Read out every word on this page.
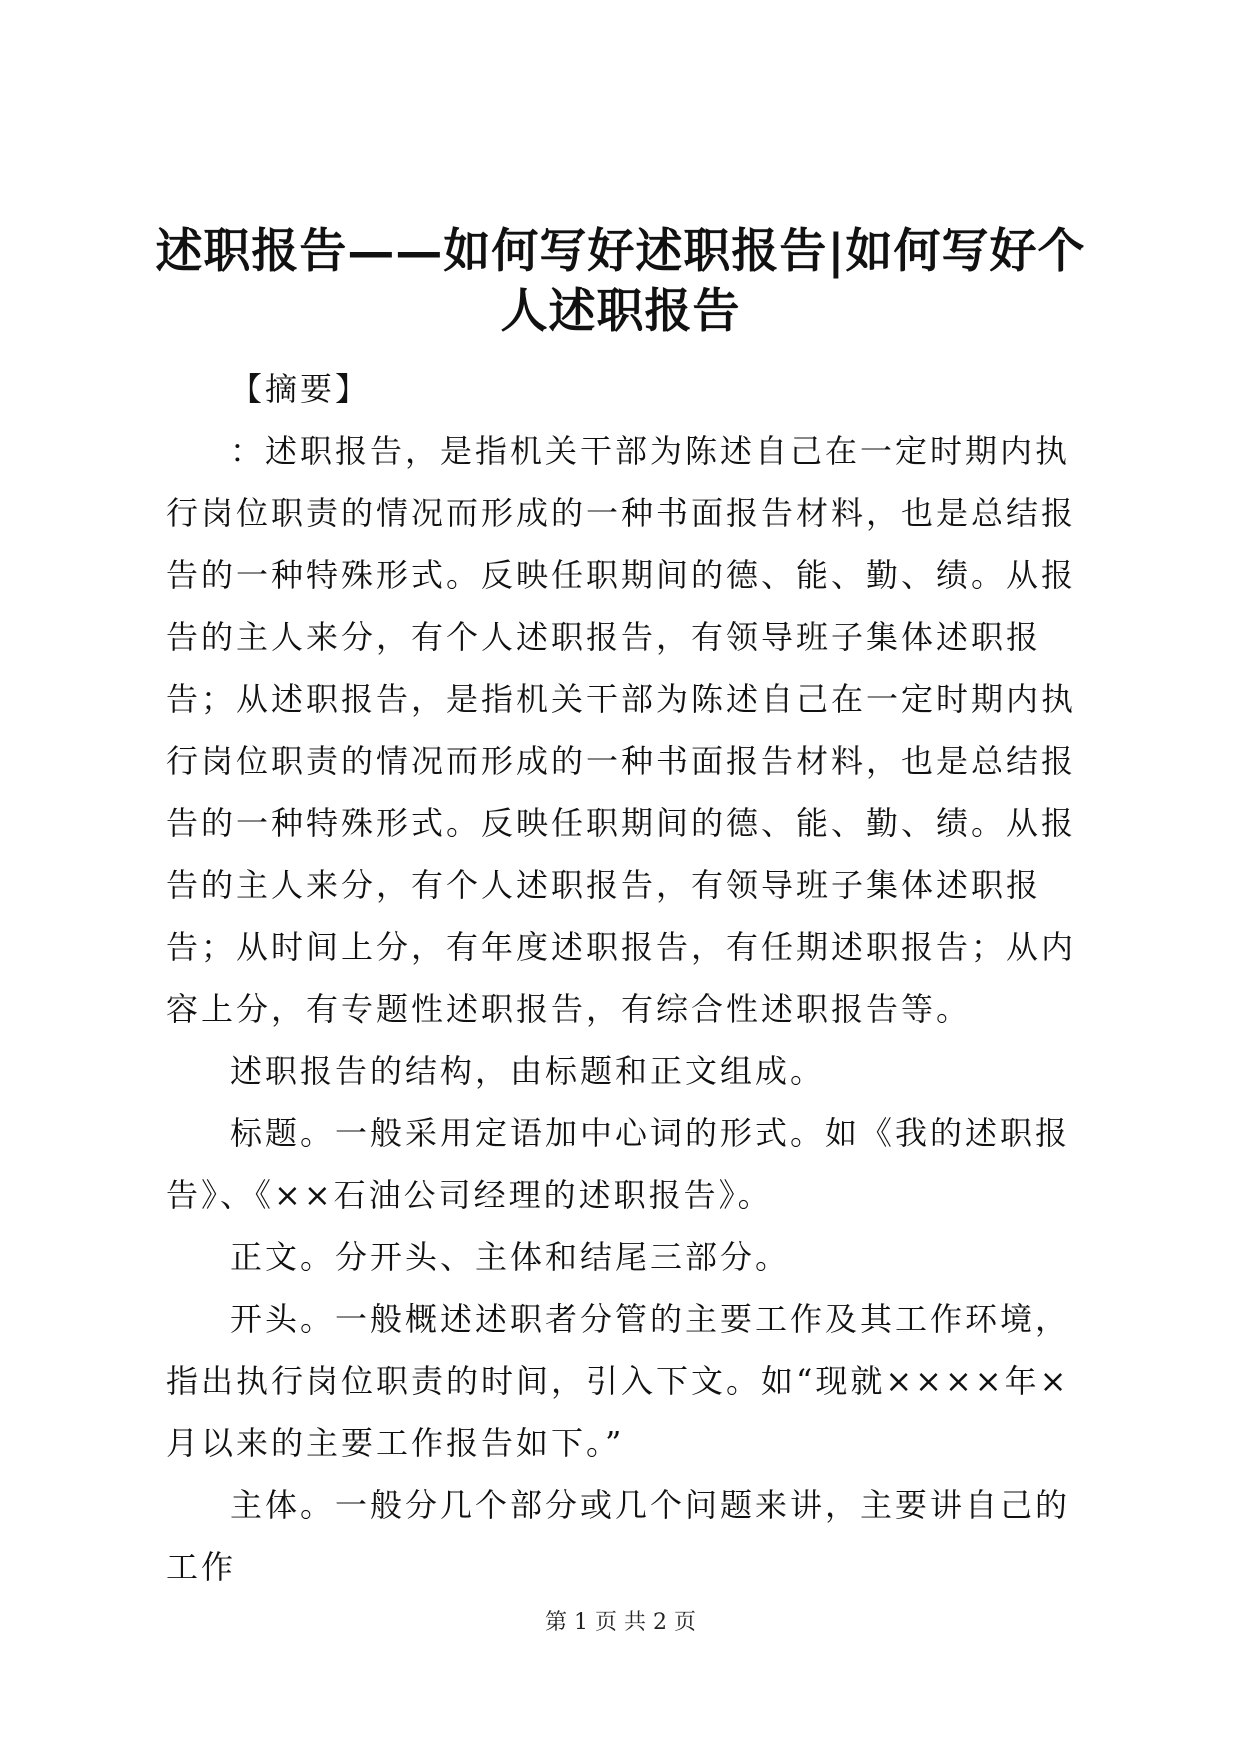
述职报告——如何写好述职报告|如何写好个
人述职报告

【摘要】

：述职报告，是指机关干部为陈述自己在一定时期内执行岗位职责的情况而形成的一种书面报告材料，也是总结报告的一种特殊形式。反映任职期间的德、能、勤、绩。从报告的主人来分，有个人述职报告，有领导班子集体述职报告；从述职报告，是指机关干部为陈述自己在一定时期内执行岗位职责的情况而形成的一种书面报告材料，也是总结报告的一种特殊形式。反映任职期间的德、能、勤、绩。从报告的主人来分，有个人述职报告，有领导班子集体述职报告；从时间上分，有年度述职报告，有任期述职报告；从内容上分，有专题性述职报告，有综合性述职报告等。

述职报告的结构，由标题和正文组成。

标题。一般采用定语加中心词的形式。如《我的述职报告》、《××石油公司经理的述职报告》。

正文。分开头、主体和结尾三部分。

开头。一般概述述职者分管的主要工作及其工作环境，指出执行岗位职责的时间，引入下文。如“现就××××年×月以来的主要工作报告如下。”

主体。一般分几个部分或几个问题来讲，主要讲自己的工作

第 1 页 共 2 页
